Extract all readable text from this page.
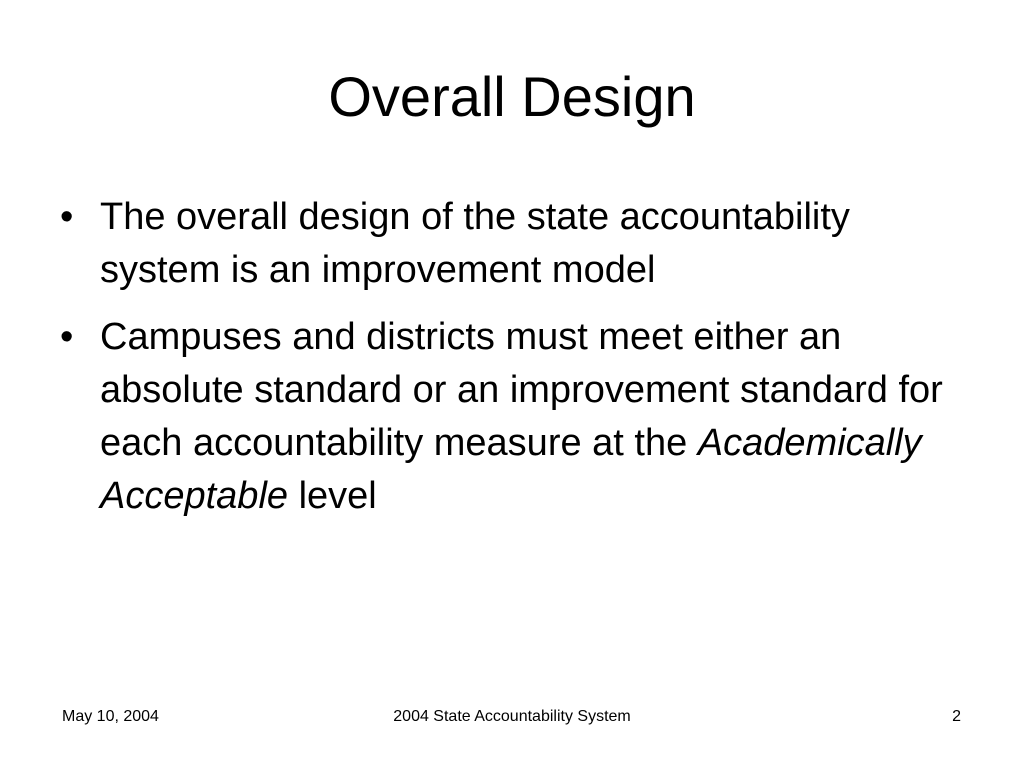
Overall Design
• The overall design of the state accountability system is an improvement model
• Campuses and districts must meet either an absolute standard or an improvement standard for each accountability measure at the Academically Acceptable level
May 10, 2004	2004 State Accountability System	2
